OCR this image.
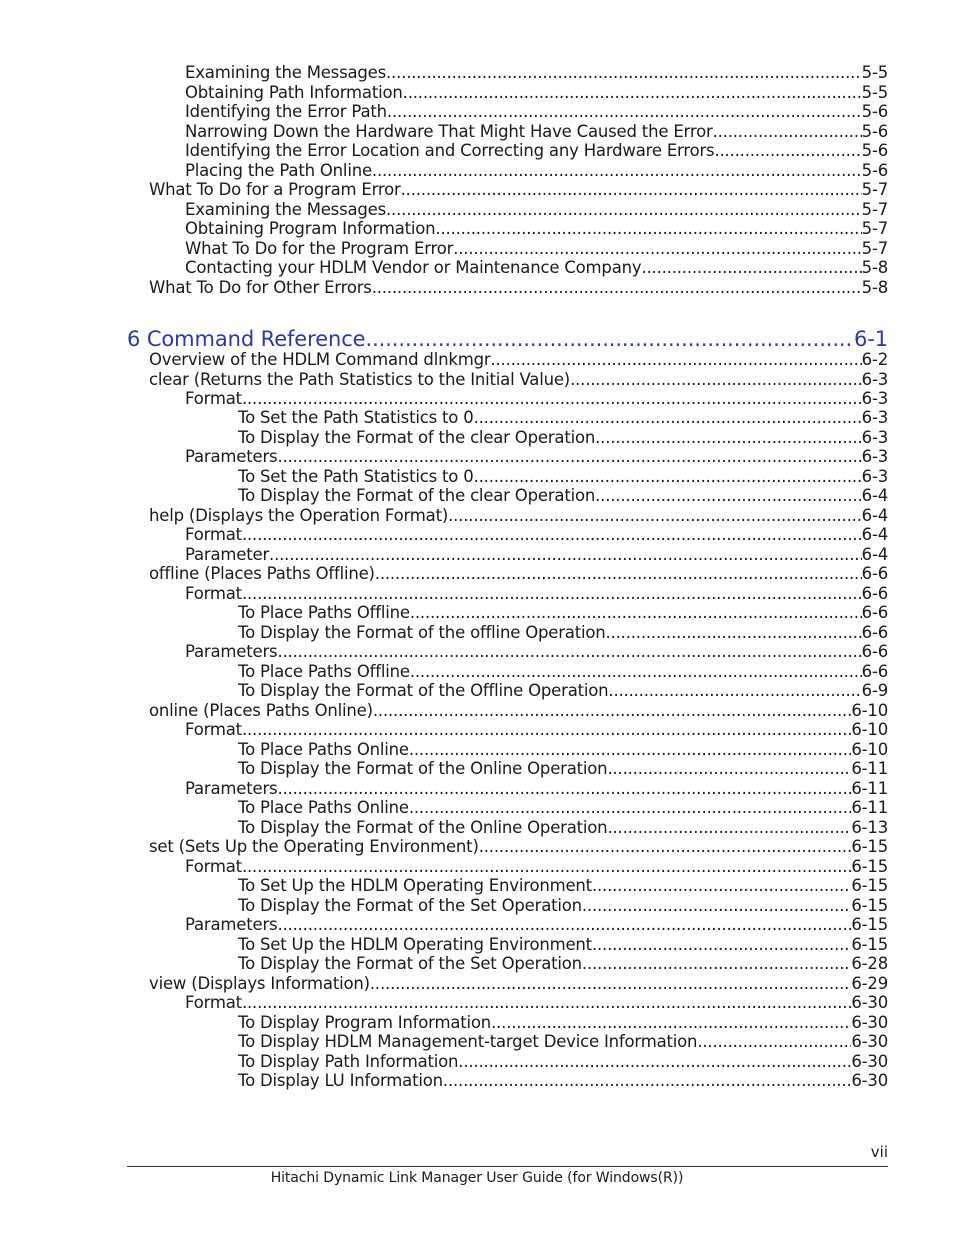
Examining the Messages .....	5-5
Obtaining Path Information .....	5-5
Identifying the Error Path .....	5-6
Narrowing Down the Hardware That Might Have Caused the Error .....	5-6
Identifying the Error Location and Correcting any Hardware Errors .....	5-6
Placing the Path Online .....	5-6
What To Do for a Program Error .....	5-7
Examining the Messages .....	5-7
Obtaining Program Information .....	5-7
What To Do for the Program Error .....	5-7
Contacting your HDLM Vendor or Maintenance Company .....	5-8
What To Do for Other Errors .....	5-8
6 Command Reference .....	6-1
Overview of the HDLM Command dlnkmgr .....	6-2
clear (Returns the Path Statistics to the Initial Value) .....	6-3
Format .....	6-3
To Set the Path Statistics to 0 .....	6-3
To Display the Format of the clear Operation .....	6-3
Parameters .....	6-3
To Set the Path Statistics to 0 .....	6-3
To Display the Format of the clear Operation .....	6-4
help (Displays the Operation Format) .....	6-4
Format .....	6-4
Parameter .....	6-4
offline (Places Paths Offline) .....	6-6
Format .....	6-6
To Place Paths Offline .....	6-6
To Display the Format of the offline Operation .....	6-6
Parameters .....	6-6
To Place Paths Offline .....	6-6
To Display the Format of the Offline Operation .....	6-9
online (Places Paths Online) .....	6-10
Format .....	6-10
To Place Paths Online .....	6-10
To Display the Format of the Online Operation .....	6-11
Parameters .....	6-11
To Place Paths Online .....	6-11
To Display the Format of the Online Operation .....	6-13
set (Sets Up the Operating Environment) .....	6-15
Format .....	6-15
To Set Up the HDLM Operating Environment .....	6-15
To Display the Format of the Set Operation .....	6-15
Parameters .....	6-15
To Set Up the HDLM Operating Environment .....	6-15
To Display the Format of the Set Operation .....	6-28
view (Displays Information) .....	6-29
Format .....	6-30
To Display Program Information .....	6-30
To Display HDLM Management-target Device Information .....	6-30
To Display Path Information .....	6-30
To Display LU Information .....	6-30
vii
Hitachi Dynamic Link Manager User Guide (for Windows(R))
